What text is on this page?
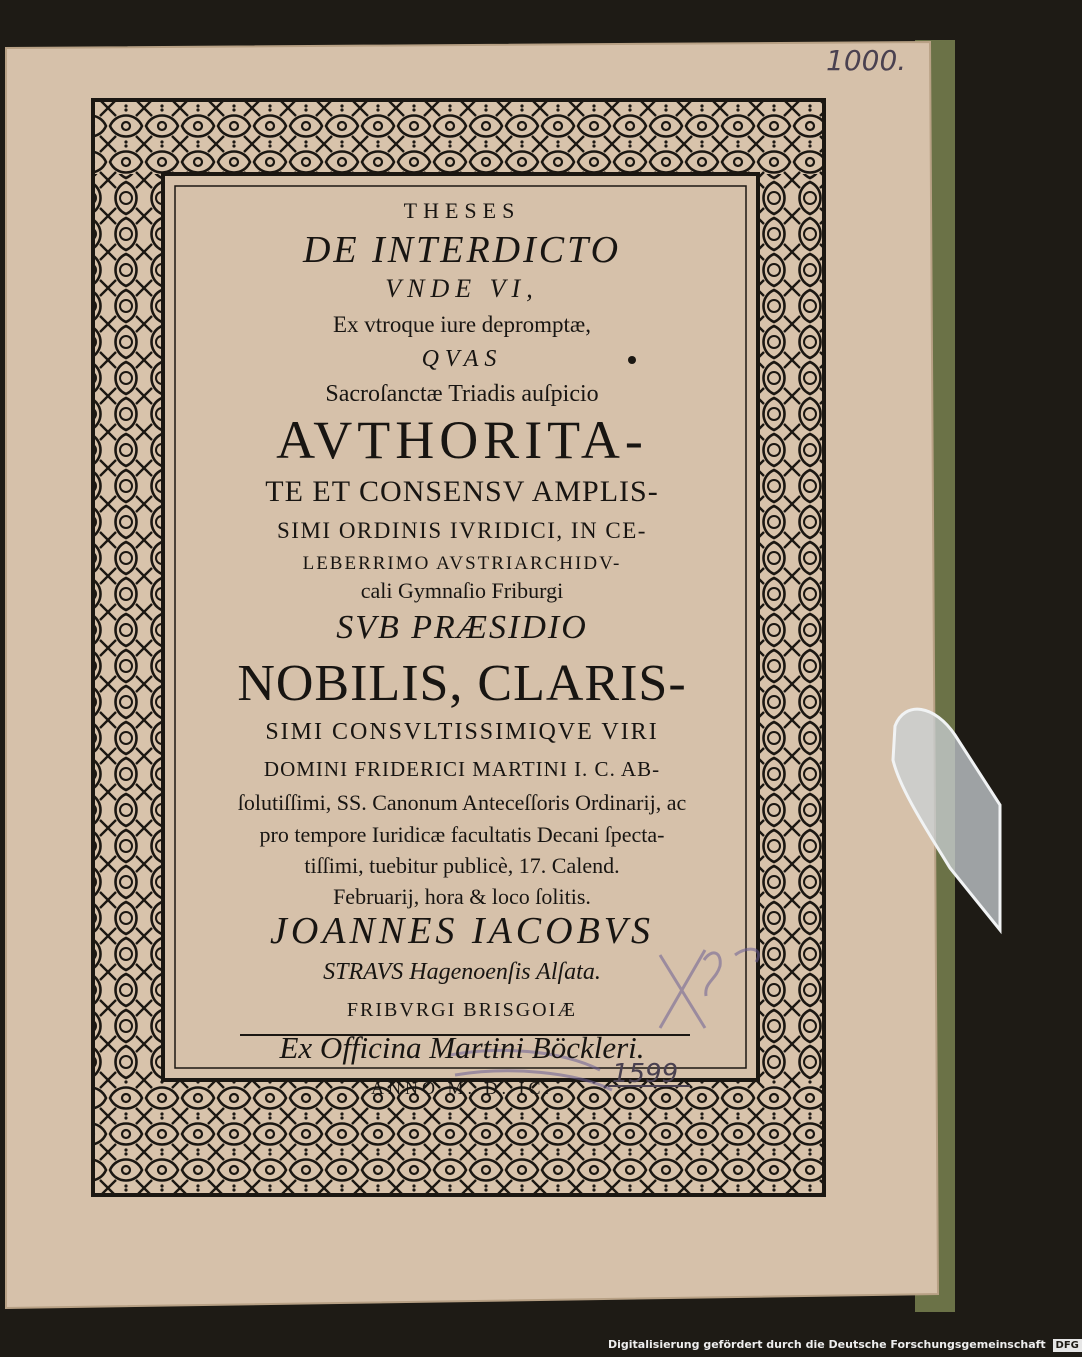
THESES
DE INTERDICTO
VNDE VI,
Ex vtroque iure depromptæ,
QVAS
Sacroſanctæ Triadis auſpicio
AVTHORITA-
TE ET CONSENSV AMPLIS-
SIMI ORDINIS IVRIDICI, IN CE-
LEBERRIMO AVSTRIARCHIDV-
cali Gymnaſio Friburgi
SVB PRÆSIDIO
NOBILIS, CLARIS-
SIMI CONSVLTISSIMIQVE VIRI
DOMINI FRIDERICI MARTINI I. C. AB-
ſolutiſſimi, SS. Canonum Anteceſſoris Ordinarij, ac
pro tempore Iuridicæ facultatis Decani ſpecta-
tiſſimi, tuebitur publicè, 17. Calend.
Februarij, hora & loco ſolitis.
JOANNES IACOBVS
STRAVS Hagenoenſis Alſata.
FRIBVRGI BRISGOIÆ
Ex Officina Martini Böckleri.
ANNO M. D. IC.
1000.
1599
Digitalisierung gefördert durch die Deutsche Forschungsgemeinschaft DFG
